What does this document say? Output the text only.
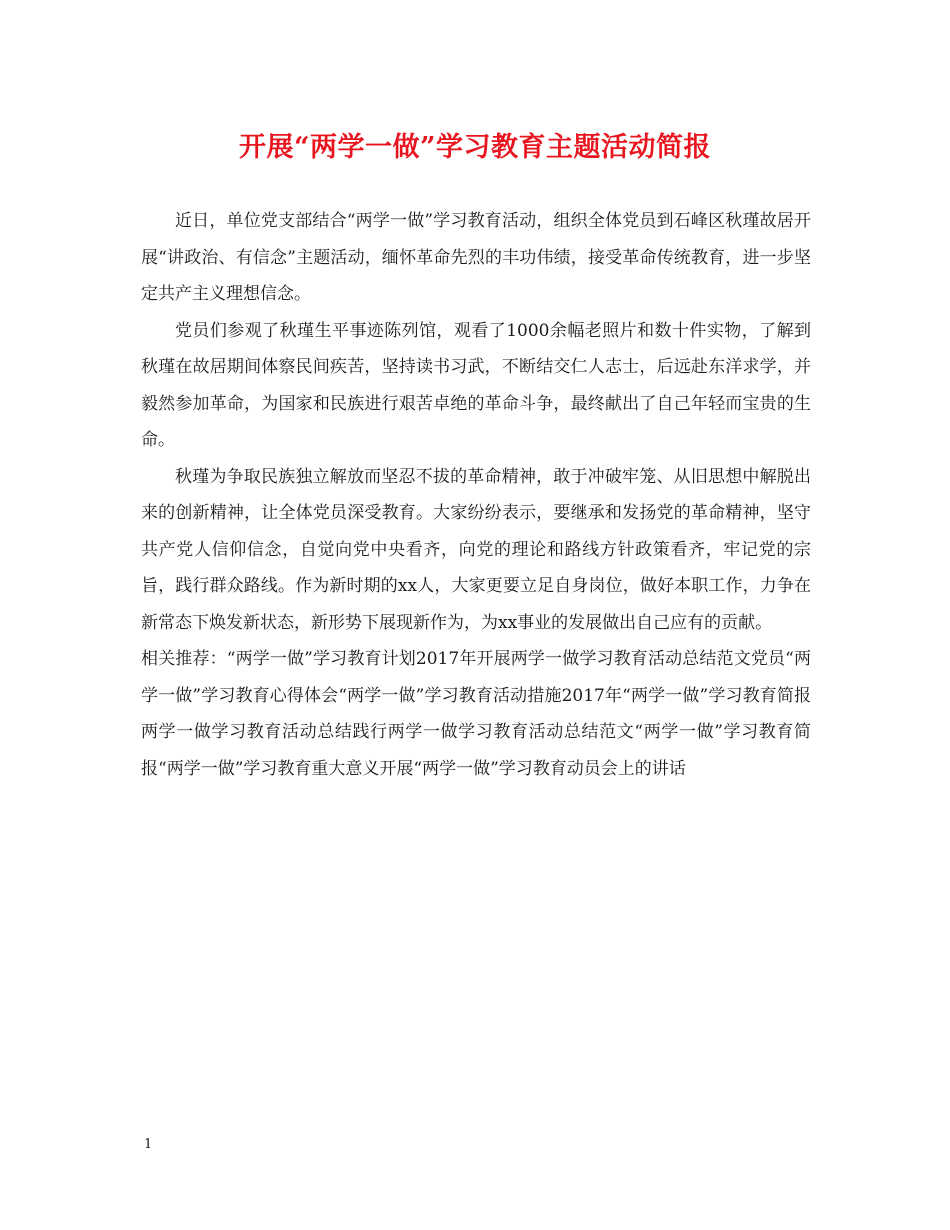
开展“两学一做”学习教育主题活动简报

近日，单位党支部结合“两学一做”学习教育活动，组织全体党员到石峰区秋瑾故居开展“讲政治、有信念”主题活动，缅怀革命先烈的丰功伟绩，接受革命传统教育，进一步坚定共产主义理想信念。

党员们参观了秋瑾生平事迹陈列馆，观看了1000余幅老照片和数十件实物，了解到秋瑾在故居期间体察民间疾苦，坚持读书习武，不断结交仁人志士，后远赴东洋求学，并毅然参加革命，为国家和民族进行艰苦卓绝的革命斗争，最终献出了自己年轻而宝贵的生命。

秋瑾为争取民族独立解放而坚忍不拔的革命精神，敢于冲破牢笼、从旧思想中解脱出来的创新精神，让全体党员深受教育。大家纷纷表示，要继承和发扬党的革命精神，坚守共产党人信仰信念，自觉向党中央看齐，向党的理论和路线方针政策看齐，牢记党的宗旨，践行群众路线。作为新时期的xx人，大家更要立足自身岗位，做好本职工作，力争在新常态下焕发新状态，新形势下展现新作为，为xx事业的发展做出自己应有的贡献。

相关推荐：“两学一做”学习教育计划2017年开展两学一做学习教育活动总结范文党员“两学一做”学习教育心得体会“两学一做”学习教育活动措施2017年“两学一做”学习教育简报两学一做学习教育活动总结践行两学一做学习教育活动总结范文“两学一做”学习教育简报“两学一做”学习教育重大意义开展“两学一做”学习教育动员会上的讲话

1
